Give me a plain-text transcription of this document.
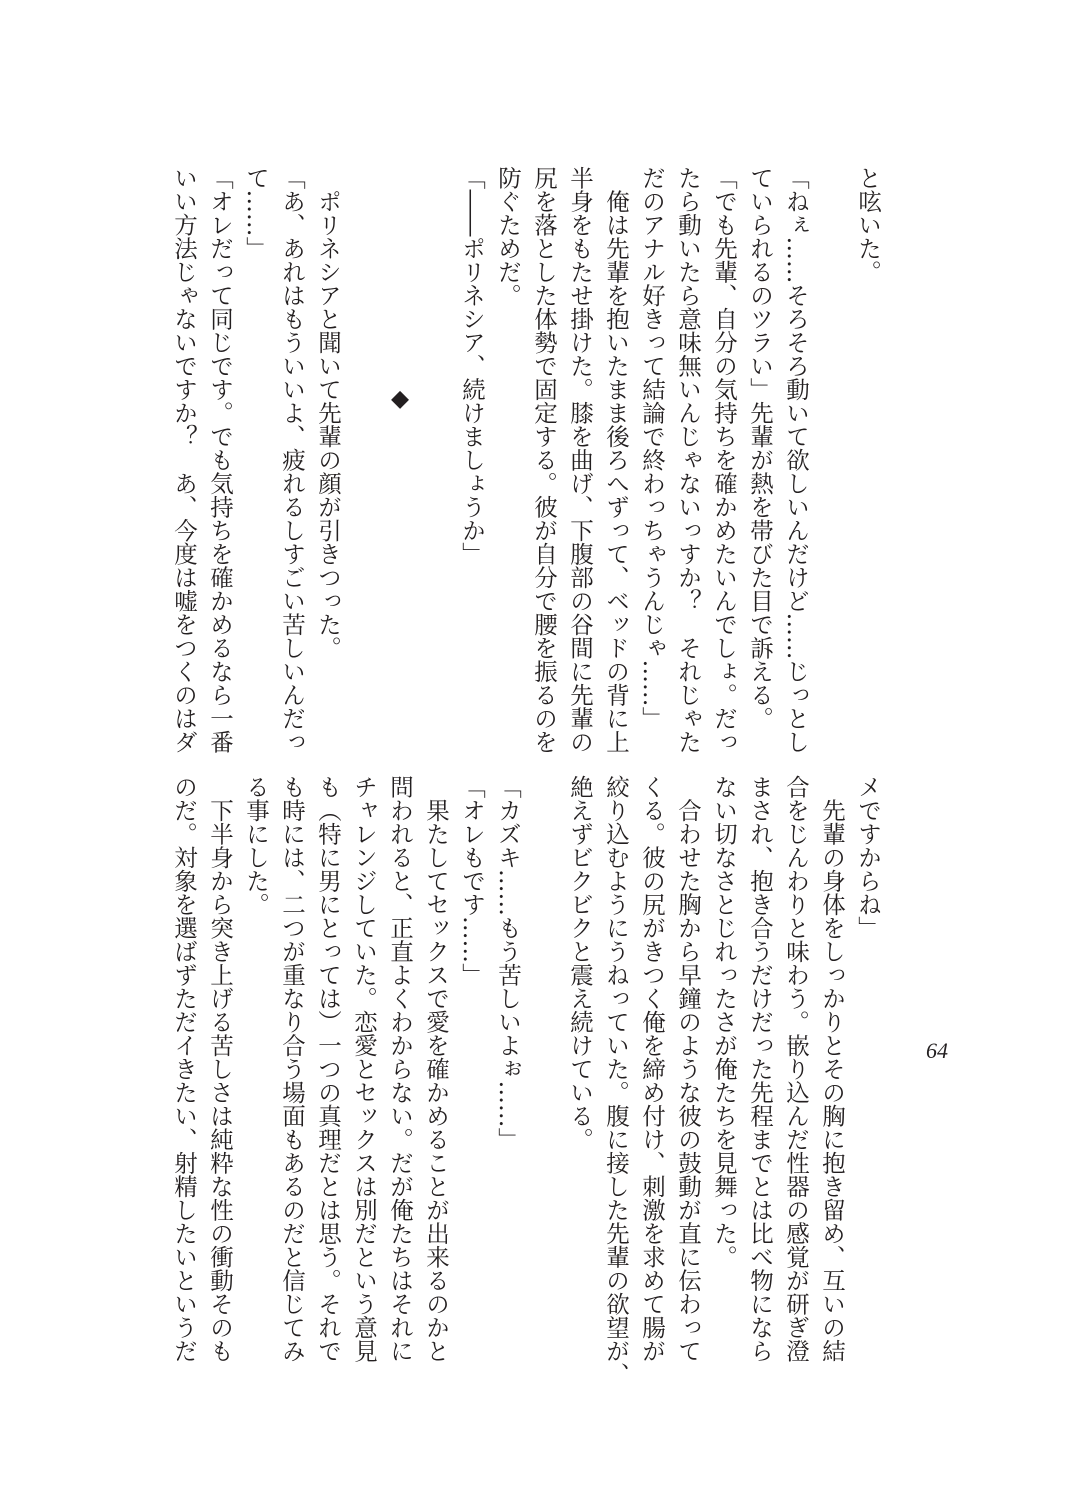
と呟いた。

「ねぇ……そろそろ動いて欲しいんだけど……じっとし
ていられるのツラい」先輩が熱を帯びた目で訴える。
「でも先輩、自分の気持ちを確かめたいんでしょ。だっ
たら動いたら意味無いんじゃないっすか？　それじゃた
だのアナル好きって結論で終わっちゃうんじゃ……」
　俺は先輩を抱いたまま後ろへずって、ベッドの背に上
半身をもたせ掛けた。膝を曲げ、下腹部の谷間に先輩の
尻を落とした体勢で固定する。彼が自分で腰を振るのを
防ぐためだ。
「――ポリネシア、続けましょうか」

◆

　ポリネシアと聞いて先輩の顔が引きつった。
「あ、あれはもういいよ、疲れるしすごい苦しいんだっ
て……」
「オレだって同じです。でも気持ちを確かめるなら一番
いい方法じゃないですか？　あ、今度は嘘をつくのはダ
メですからね」
　先輩の身体をしっかりとその胸に抱き留め、互いの結
合をじんわりと味わう。嵌り込んだ性器の感覚が研ぎ澄
まされ、抱き合うだけだった先程までとは比べ物になら
ない切なさとじれったさが俺たちを見舞った。
　合わせた胸から早鐘のような彼の鼓動が直に伝わって
くる。彼の尻がきつく俺を締め付け、刺激を求めて腸が
絞り込むようにうねっていた。腹に接した先輩の欲望が、
絶えずビクビクと震え続けている。

「カズキ……もう苦しいよぉ……」
「オレもです……」
　果たしてセックスで愛を確かめることが出来るのかと
問われると、正直よくわからない。だが俺たちはそれに
チャレンジしていた。恋愛とセックスは別だという意見
も（特に男にとっては）一つの真理だとは思う。それで
も時には、二つが重なり合う場面もあるのだと信じてみ
る事にした。
　下半身から突き上げる苦しさは純粋な性の衝動そのも
のだ。対象を選ばずただイきたい、射精したいというだ	64
